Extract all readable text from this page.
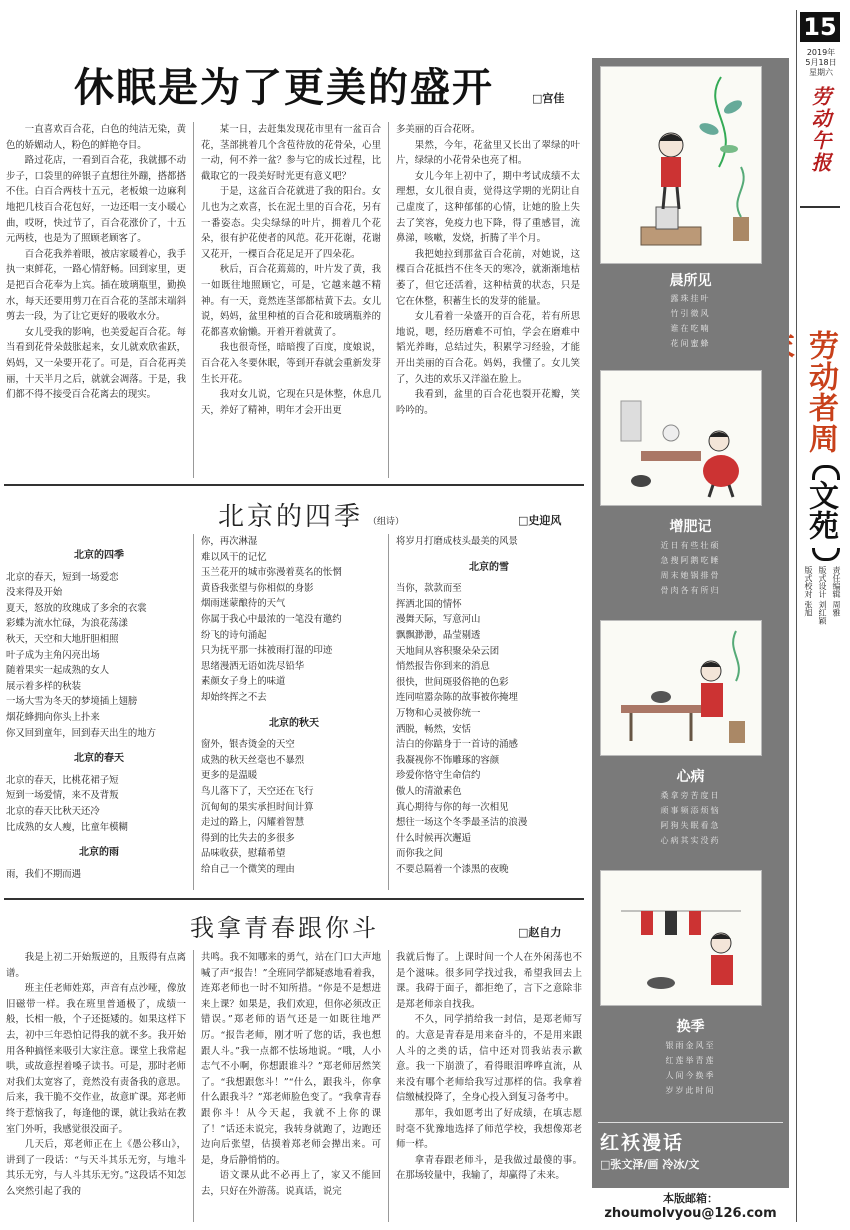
15
2019年
5月18日
星期六
劳动午报
劳动者周
文苑
责任编辑 周雅
版式设计 刘红颖
版式校对 张旭
休眠是为了更美的盛开	□宫佳

一直喜欢百合花，白色的纯洁无染，黄色的娇媚动人，粉色的鲜艳夺目。

路过花店，一看到百合花，我就挪不动步子，口袋里的碎银子直想往外蹦，搭都搭不住。白百合两枝十五元，老板娘一边麻利地把几枝百合花包好，一边还唱一支小暖心曲，哎呀，快过节了，百合花涨价了，十五元两枝，也是为了照顾老顾客了。

百合花我养着眼，被店家暖着心，我手执一束鲜花，一路心情舒畅。回到家里，更是把百合花奉为上宾。插在玻璃瓶里，勤换水，每天还要用剪刀在百合花的茎部末端斜剪去一段，为了让它更好的吸收水分。

女儿受我的影响，也美爱起百合花。每当看到花骨朵鼓胀起来，女儿就欢欣雀跃，妈妈，又一朵要开花了。可是，百合花再美丽，十天半月之后，就就会凋落。于是，我们都不得不接受百合花离去的现实。

某一日，去赶集发现花市里有一盆百合花，茎部挑着几个含苞待放的花骨朵，心里一动，何不养一盆？参与它的成长过程，比截取它的一段美好时光更有意义吧？

于是，这盆百合花就进了我的阳台。女儿也为之欢喜，长在泥土里的百合花，另有一番姿态。尖尖绿绿的叶片，拥着几个花朵，很有护花使者的风范。花开花谢，花谢又花开，一棵百合花足足开了四朵花。

秋后，百合花蔫蔫的，叶片发了黄，我一如既往地照顾它，可是，它越来越不精神。有一天，竟然连茎部都枯黄下去。女儿说，妈妈，盆里种植的百合花和玻璃瓶养的花都喜欢偷懒。开着开着就黄了。

我也很奇怪，暗暗搜了百度，度娘说，百合花入冬要休眠，等到开春就会重新发芽生长开花。

我对女儿说，它现在只是休整，休息几天，养好了精神，明年才会开出更

多美丽的百合花呀。

果然，今年，花盆里又长出了翠绿的叶片，绿绿的小花骨朵也亮了相。

女儿今年上初中了，期中考试成绩不太理想，女儿很自责，觉得这学期的光阴让自己虚度了，这种郁郁的心情，让她的脸上失去了笑容，免疫力也下降，得了重感冒，流鼻涕，咳嗽，发烧，折腾了半个月。

我把她拉到那盆百合花前，对她说，这棵百合花抵挡不住冬天的寒冷，就渐渐地枯萎了，但它还活着，这种枯黄的状态，只是它在休整，积蓄生长的发芽的能量。

女儿看着一朵盛开的百合花，若有所思地说，嗯，经历磨难不可怕，学会在磨难中韬光养晦，总结过失，积累学习经验，才能开出美丽的百合花。妈妈，我懂了。女儿笑了，久违的欢乐又洋溢在脸上。

我看到，盆里的百合花也裂开花瓣，笑吟吟的。

北京的四季 （组诗）	□史迎风
北京的四季
北京的春天，短到一场爱恋
没来得及开始
夏天，怒放的玫瑰成了多余的衣裳
彩蝶为流水忙碌，为浪花荡漾
秋天，天空和大地肝胆相照
叶子成为主角闪亮出场
随着果实一起成熟的女人
展示着多样的秋装
一场大雪为冬天的梦境插上翅膀
烟花蜂拥向你头上扑来
你又回到童年，回到春天出生的地方
北京的春天
北京的春天，比桃花裙子短
短到一场爱情，来不及背叛
北京的春天比秋天还冷
比成熟的女人瘦，比童年模糊
北京的雨
雨，我们不期而遇
你，再次淋湿
难以风干的记忆
玉兰花开的城市弥漫着莫名的怅惘
黄昏我张望与你相似的身影
烟雨迷蒙酿待的天气
你属于我心中最浓的一笔没有邀约
纷飞的诗句涌起
只为抚平那一抹被雨打湿的印迹
思绪漫洒无语如洗尽铅华
素颜女子身上的味道
却始终挥之不去
北京的秋天
窗外，银杏烫金的天空
成熟的秋天丝毫也不暴烈
更多的是温暖
鸟儿落下了，天空还在飞行
沉甸甸的果实承担时间计算
走过的路上，闪耀着智慧
得到的比失去的多很多
品味收获，慰藉希望
给自己一个微笑的理由
将岁月打磨成枝头最美的风景
北京的雪
当你，款款而至
挥洒北国的情怀
漫舞天际，写意河山
飘飘渺渺，晶莹剔透
天地间从容积聚朵朵云团
悄然报告你到来的消息
很快，世间斑驳俗艳的色彩
连同喧嚣杂陈的故事被你掩埋
万物和心灵被你统一
洒脱，畅然，安恬
洁白的你踮身于一首诗的涌感
我凝视你不饰雕琢的容颜
珍爱你恪守生命信约
傲人的清澈素色
真心期待与你的每一次相见
想往一场这个冬季最圣洁的浪漫
什么时候再次邂逅
而你我之间
不要总隔着一个漆黑的夜晚
我拿青春跟你斗	□赵自力

我是上初二开始叛逆的，且叛得有点离谱。

班主任老师姓郑，声音有点沙哑，像放旧磁带一样。我在班里普通极了，成绩一般，长相一般，个子还挺矮的。如果这样下去，初中三年恐怕记得我的就不多。我开始用各种搞怪来吸引大家注意。课堂上我常起哄，或故意捏着嗓子读书。可是，那时老师对我们太宽容了，竟然没有责备我的意思。后来，我干脆不交作业，故意旷课。郑老师终于惹恼我了，每逢他的课，就让我站在教室门外听，我感觉很没面子。

几天后，郑老师正在上《愚公移山》，讲到了一段话：“与天斗其乐无穷，与地斗其乐无穷，与人斗其乐无穷。”这段话不知怎么突然引起了我的

共鸣。我不知哪来的勇气，站在门口大声地喊了声“报告！”全班同学都疑惑地看着我，连郑老师也一时不知所措。“你是不是想进来上课？如果是，我们欢迎，但你必须改正错误。”郑老师的语气还是一如既往地严厉。“报告老师，刚才听了您的话，我也想跟人斗。”我一点都不怯场地说。“哦，人小志气不小啊，你想跟谁斗？”郑老师居然笑了。“我想跟您斗！”“什么，跟我斗，你拿什么跟我斗？”郑老师脸色变了。“我拿青春跟你斗！从今天起，我就不上你的课了！”话还未说完，我转身就跑了，边跑还边向后张望，估摸着郑老师会撵出来。可是，身后静悄悄的。

语文课从此不必再上了，家又不能回去，只好在外游荡。说真话，说完

我就后悔了。上课时间一个人在外闲荡也不是个滋味。很多同学找过我，希望我回去上课。我碍于面子，都拒绝了，言下之意除非是郑老师亲自找我。

不久，同学捎给我一封信，是郑老师写的。大意是青春是用来奋斗的，不是用来跟人斗的之类的话，信中还对罚我站表示歉意。我一下崩溃了，看得眼泪哗哗直流，从来没有哪个老师给我写过那样的信。我拿着信缴械投降了，全身心投入到复习备考中。

那年，我如愿考出了好成绩，在填志愿时毫不犹豫地选择了师范学校，我想像郑老师一样。

拿青春跟老师斗，是我做过最傻的事。在那场较量中，我输了，却赢得了未来。

晨所见
露珠挂叶
竹引微风
谁在吃喃
花间蜜蜂
增肥记
近日有些壮硕
急搜阿鹅吃睡
周末她锅排骨
骨肉各有所归
心病
桑拿旁苦度日
顽事频添烦恼
阿狗失眠看急
心病其实没药
换季
银雨金风至
红莲举青莲
人间今换季
岁岁此时间
红袄漫话
□张文泽/画 冷冰/文
本版邮箱：
zhoumolvyou@126.com
